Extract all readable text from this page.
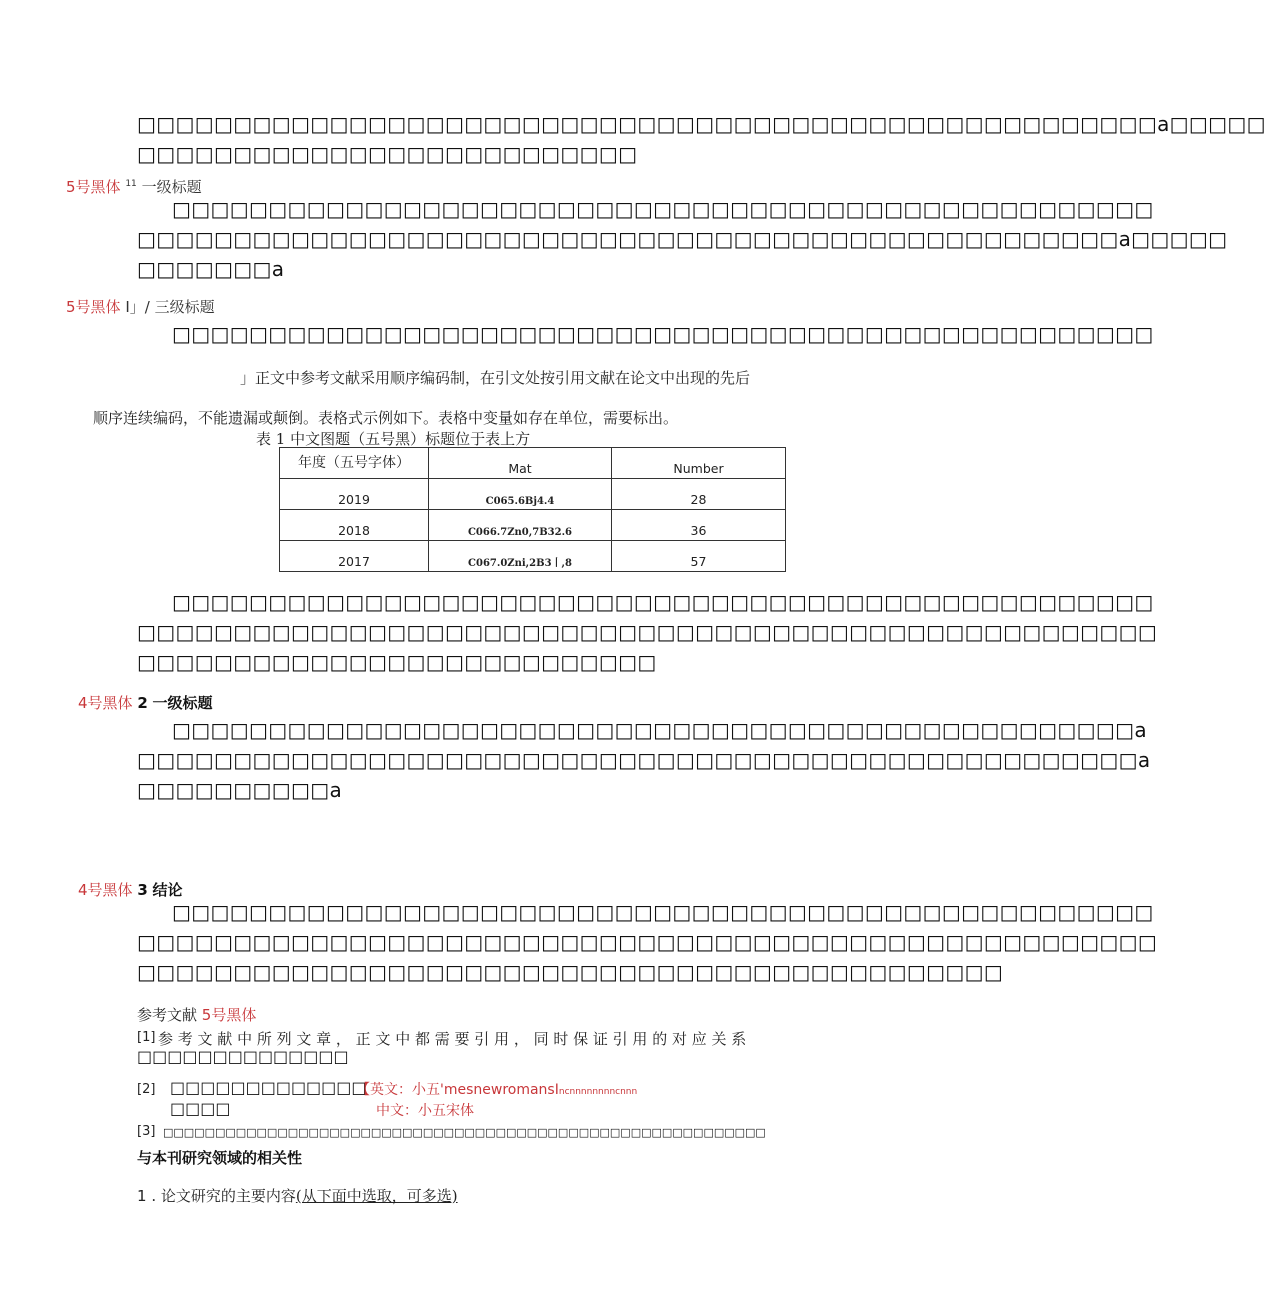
□□□□□□□□□□□□□□□□□□□□□□□□□□□□□□□□□□□□□□□□□□□□□□□□□□□□□a□□□□□
□□□□□□□□□□□□□□□□□□□□□□□□□□
5号黑体 $^{11}$ 一级标题
□□□□□□□□□□□□□□□□□□□□□□□□□□□□□□□□□□□□□□□□□□□□□□□□□□□
□□□□□□□□□□□□□□□□□□□□□□□□□□□□□□□□□□□□□□□□□□□□□□□□□□□a□□□□□
□□□□□□□a
5号黑体 I」/ 三级标题
□□□□□□□□□□□□□□□□□□□□□□□□□□□□□□□□□□□□□□□□□□□□□□□□□□□
」正文中参考文献采用顺序编码制，在引文处按引用文献在论文中出现的先后
顺序连续编码，不能遗漏或颠倒。表格式示例如下。表格中变量如存在单位，需要标出。
表 1 中文图题（五号黑）标题位于表上方
年度（五号字体）	Mat	Number
2019	C065.6Bj4.4	28
2018	C066.7Zn0,7B32.6	36
2017	C067.0Zni,2B3丨,8	57
□□□□□□□□□□□□□□□□□□□□□□□□□□□□□□□□□□□□□□□□□□□□□□□□□□□
□□□□□□□□□□□□□□□□□□□□□□□□□□□□□□□□□□□□□□□□□□□□□□□□□□□□□
□□□□□□□□□□□□□□□□□□□□□□□□□□□
4号黑体 2 一级标题
□□□□□□□□□□□□□□□□□□□□□□□□□□□□□□□□□□□□□□□□□□□□□□□□□□a
□□□□□□□□□□□□□□□□□□□□□□□□□□□□□□□□□□□□□□□□□□□□□□□□□□□□a
□□□□□□□□□□a
4号黑体 3 结论
□□□□□□□□□□□□□□□□□□□□□□□□□□□□□□□□□□□□□□□□□□□□□□□□□□□
□□□□□□□□□□□□□□□□□□□□□□□□□□□□□□□□□□□□□□□□□□□□□□□□□□□□□
□□□□□□□□□□□□□□□□□□□□□□□□□□□□□□□□□□□□□□□□□□□□□
参考文献 5号黑体
[1] 参 考 文 献 中 所 列 文 章 ， 正 文 中 都 需 要 引 用 ， 同 时 保 证 引 用 的 对 应 关 系
□□□□□□□□□□□□□□
[2] □□□□□□□□□□□□□
□□□□
【英文：小五'mesnewromansIncnnnnnnnncnnn
中文：小五宋体
[3] □□□□□□□□□□□□□□□□□□□□□□□□□□□□□□□□□□□□□□□□□□□□□□□□□□□□□□□□□□
与本刊研究领域的相关性
1 . 论文研究的主要内容(从下面中选取，可多选)
